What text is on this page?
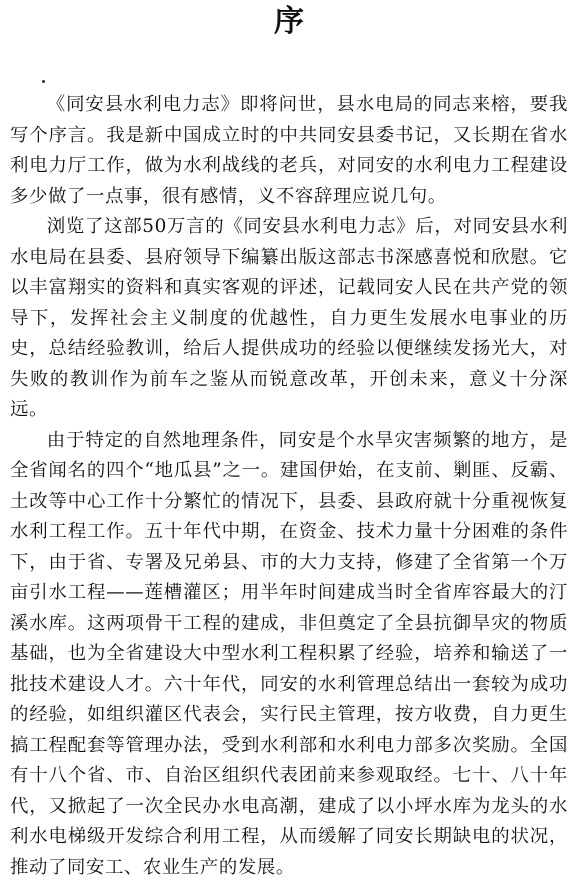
序

《同安县水利电力志》即将问世，县水电局的同志来榕，要我写个序言。我是新中国成立时的中共同安县委书记，又长期在省水利电力厅工作，做为水利战线的老兵，对同安的水利电力工程建设多少做了一点事，很有感情，义不容辞理应说几句。

浏览了这部50万言的《同安县水利电力志》后，对同安县水利水电局在县委、县府领导下编纂出版这部志书深感喜悦和欣慰。它以丰富翔实的资料和真实客观的评述，记载同安人民在共产党的领导下，发挥社会主义制度的优越性，自力更生发展水电事业的历史，总结经验教训，给后人提供成功的经验以便继续发扬光大，对失败的教训作为前车之鉴从而锐意改革，开创未来，意义十分深远。

由于特定的自然地理条件，同安是个水旱灾害频繁的地方，是全省闻名的四个“地瓜县”之一。建国伊始，在支前、剿匪、反霸、土改等中心工作十分繁忙的情况下，县委、县政府就十分重视恢复水利工程工作。五十年代中期，在资金、技术力量十分困难的条件下，由于省、专署及兄弟县、市的大力支持，修建了全省第一个万亩引水工程——莲槽灌区；用半年时间建成当时全省库容最大的汀溪水库。这两项骨干工程的建成，非但奠定了全县抗御旱灾的物质基础，也为全省建设大中型水利工程积累了经验，培养和输送了一批技术建设人才。六十年代，同安的水利管理总结出一套较为成功的经验，如组织灌区代表会，实行民主管理，按方收费，自力更生搞工程配套等管理办法，受到水利部和水利电力部多次奖励。全国有十八个省、市、自治区组织代表团前来参观取经。七十、八十年代，又掀起了一次全民办水电高潮，建成了以小坪水库为龙头的水利水电梯级开发综合利用工程，从而缓解了同安长期缺电的状况，推动了同安工、农业生产的发展。
